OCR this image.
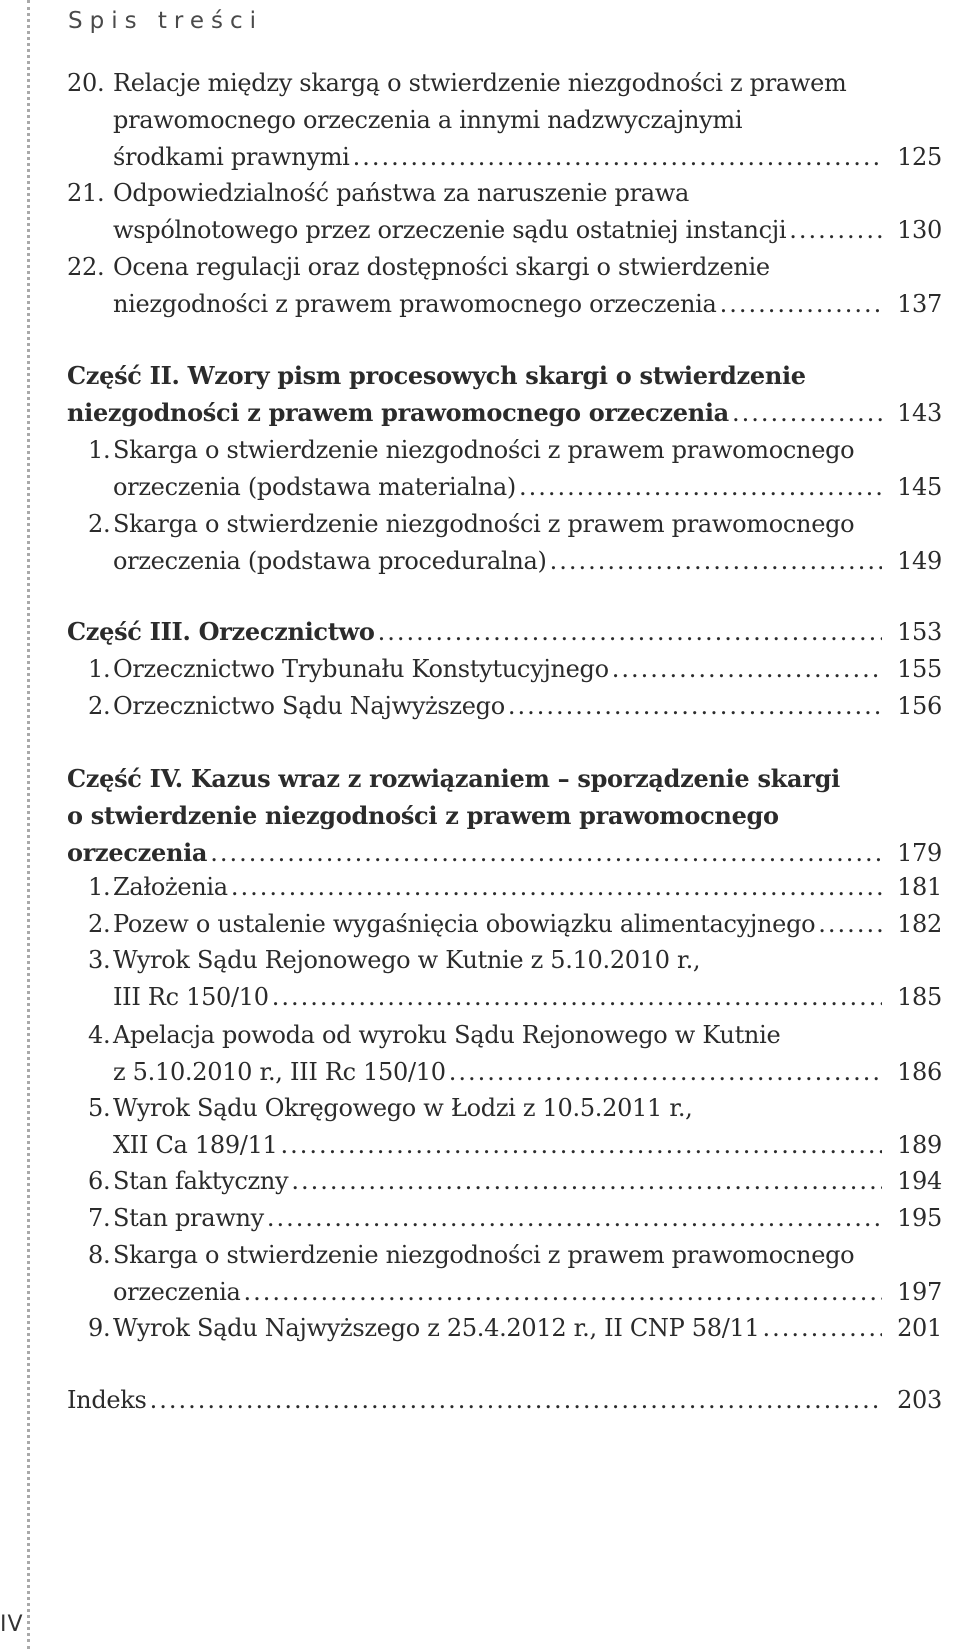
Spis treści
IV
20. Relacje między skargą o stwierdzenie niezgodności z prawem
prawomocnego orzeczenia a innymi nadzwyczajnymi
środkami prawnymi .....	125
21. Odpowiedzialność państwa za naruszenie prawa
wspólnotowego przez orzeczenie sądu ostatniej instancji .....	130
22. Ocena regulacji oraz dostępności skargi o stwierdzenie
niezgodności z prawem prawomocnego orzeczenia .....	137
Część II. Wzory pism procesowych skargi o stwierdzenie
niezgodności z prawem prawomocnego orzeczenia .....	143
1. Skarga o stwierdzenie niezgodności z prawem prawomocnego
orzeczenia (podstawa materialna) .....	145
2. Skarga o stwierdzenie niezgodności z prawem prawomocnego
orzeczenia (podstawa proceduralna) .....	149
Część III. Orzecznictwo .....	153
1. Orzecznictwo Trybunału Konstytucyjnego .....	155
2. Orzecznictwo Sądu Najwyższego .....	156
Część IV. Kazus wraz z rozwiązaniem – sporządzenie skargi
o stwierdzenie niezgodności z prawem prawomocnego
orzeczenia .....	179
1. Założenia .....	181
2. Pozew o ustalenie wygaśnięcia obowiązku alimentacyjnego .....	182
3. Wyrok Sądu Rejonowego w Kutnie z 5.10.2010 r.,
III Rc 150/10 .....	185
4. Apelacja powoda od wyroku Sądu Rejonowego w Kutnie
z 5.10.2010 r., III Rc 150/10 .....	186
5. Wyrok Sądu Okręgowego w Łodzi z 10.5.2011 r.,
XII Ca 189/11 .....	189
6. Stan faktyczny .....	194
7. Stan prawny .....	195
8. Skarga o stwierdzenie niezgodności z prawem prawomocnego
orzeczenia .....	197
9. Wyrok Sądu Najwyższego z 25.4.2012 r., II CNP 58/11 .....	201
Indeks .....	203
